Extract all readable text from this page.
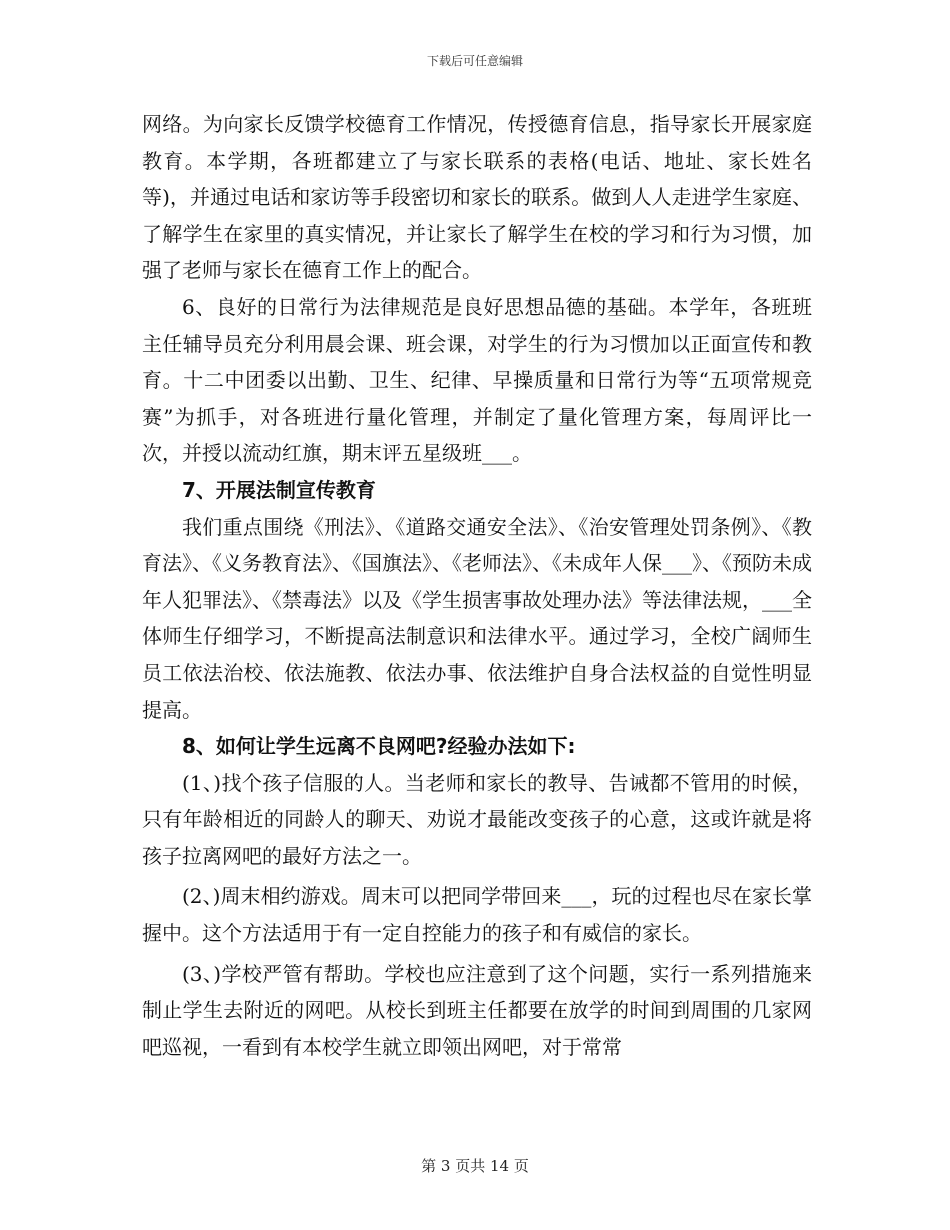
下载后可任意编辑

网络。为向家长反馈学校德育工作情况，传授德育信息，指导家长开展家庭教育。本学期，各班都建立了与家长联系的表格(电话、地址、家长姓名等)，并通过电话和家访等手段密切和家长的联系。做到人人走进学生家庭、了解学生在家里的真实情况，并让家长了解学生在校的学习和行为习惯，加强了老师与家长在德育工作上的配合。

6、良好的日常行为法律规范是良好思想品德的基础。本学年，各班班主任辅导员充分利用晨会课、班会课，对学生的行为习惯加以正面宣传和教育。十二中团委以出勤、卫生、纪律、早操质量和日常行为等“五项常规竞赛”为抓手，对各班进行量化管理，并制定了量化管理方案，每周评比一次，并授以流动红旗，期末评五星级班___。

7、开展法制宣传教育

我们重点围绕《刑法》、《道路交通安全法》、《治安管理处罚条例》、《教育法》、《义务教育法》、《国旗法》、《老师法》、《未成年人保___》、《预防未成年人犯罪法》、《禁毒法》以及《学生损害事故处理办法》等法律法规，___全体师生仔细学习，不断提高法制意识和法律水平。通过学习，全校广阔师生员工依法治校、依法施教、依法办事、依法维护自身合法权益的自觉性明显提高。

8、如何让学生远离不良网吧?经验办法如下:

(1、)找个孩子信服的人。当老师和家长的教导、告诫都不管用的时候，只有年龄相近的同龄人的聊天、劝说才最能改变孩子的心意，这或许就是将孩子拉离网吧的最好方法之一。

(2、)周末相约游戏。周末可以把同学带回来___，玩的过程也尽在家长掌握中。这个方法适用于有一定自控能力的孩子和有威信的家长。

(3、)学校严管有帮助。学校也应注意到了这个问题，实行一系列措施来制止学生去附近的网吧。从校长到班主任都要在放学的时间到周围的几家网吧巡视，一看到有本校学生就立即领出网吧，对于常常

第 3 页共 14 页
